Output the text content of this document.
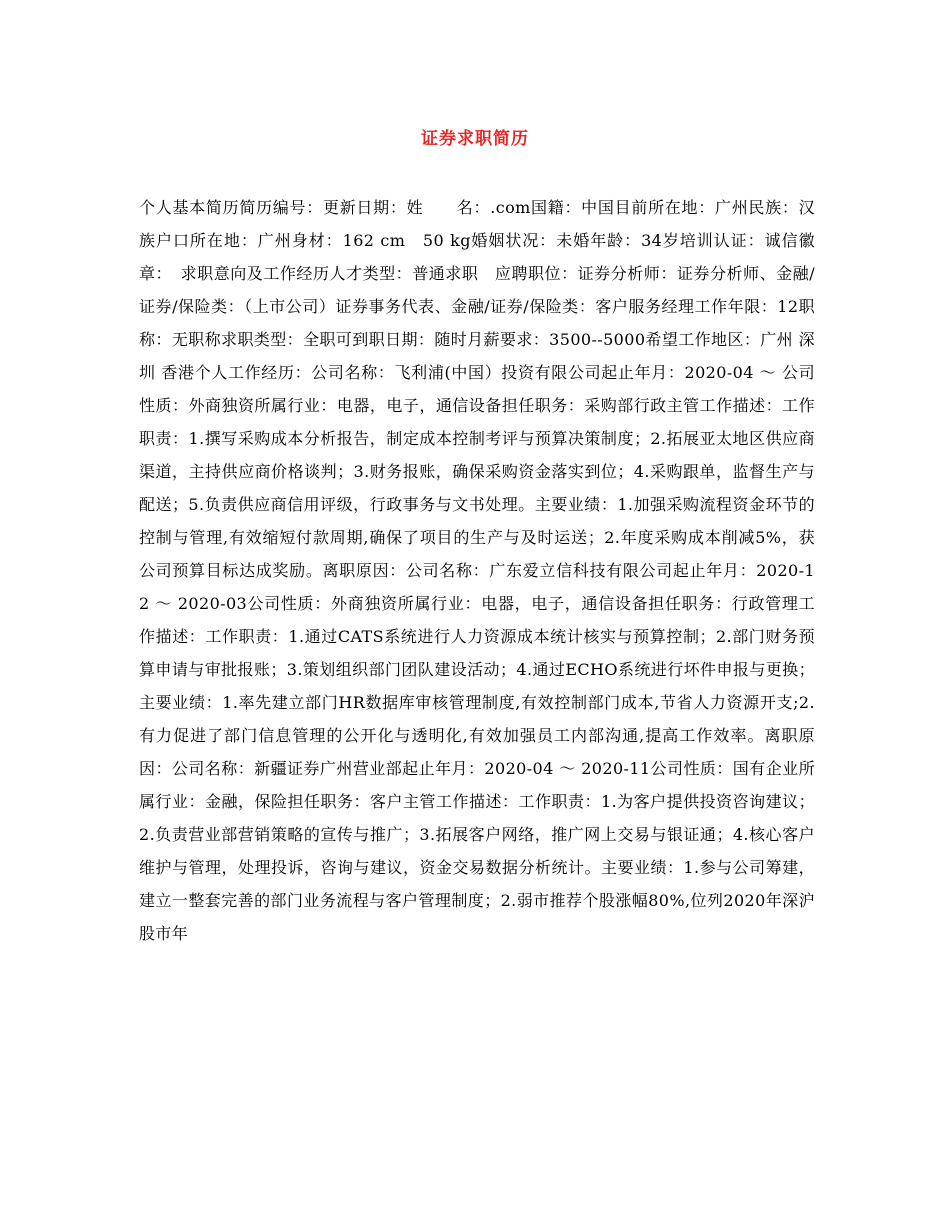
证券求职简历
个人基本简历简历编号：更新日期：姓　　名：.com国籍：中国目前所在地：广州民族：汉族户口所在地：广州身材：162 cm　50 kg婚姻状况：未婚年龄：34岁培训认证：诚信徽章：　求职意向及工作经历人才类型：普通求职　应聘职位：证券分析师：证券分析师、金融/证券/保险类：（上市公司）证券事务代表、金融/证券/保险类：客户服务经理工作年限：12职称：无职称求职类型：全职可到职日期：随时月薪要求：3500--5000希望工作地区：广州 深圳 香港个人工作经历：公司名称：飞利浦(中国）投资有限公司起止年月：2020-04 ～ 公司性质：外商独资所属行业：电器，电子，通信设备担任职务：采购部行政主管工作描述：工作职责：1.撰写采购成本分析报告，制定成本控制考评与预算决策制度；2.拓展亚太地区供应商渠道，主持供应商价格谈判；3.财务报账，确保采购资金落实到位；4.采购跟单，监督生产与配送；5.负责供应商信用评级，行政事务与文书处理。主要业绩：1.加强采购流程资金环节的控制与管理,有效缩短付款周期,确保了项目的生产与及时运送；2.年度采购成本削减5%，获公司预算目标达成奖励。离职原因：公司名称：广东爱立信科技有限公司起止年月：2020-12 ～ 2020-03公司性质：外商独资所属行业：电器，电子，通信设备担任职务：行政管理工作描述：工作职责：1.通过CATS系统进行人力资源成本统计核实与预算控制；2.部门财务预算申请与审批报账；3.策划组织部门团队建设活动；4.通过ECHO系统进行坏件申报与更换；主要业绩：1.率先建立部门HR数据库审核管理制度,有效控制部门成本,节省人力资源开支;2.有力促进了部门信息管理的公开化与透明化,有效加强员工内部沟通,提高工作效率。离职原因：公司名称：新疆证券广州营业部起止年月：2020-04 ～ 2020-11公司性质：国有企业所属行业：金融，保险担任职务：客户主管工作描述：工作职责：1.为客户提供投资咨询建议；2.负责营业部营销策略的宣传与推广；3.拓展客户网络，推广网上交易与银证通；4.核心客户维护与管理，处理投诉，咨询与建议，资金交易数据分析统计。主要业绩：1.参与公司筹建，建立一整套完善的部门业务流程与客户管理制度；2.弱市推荐个股涨幅80%,位列2020年深沪股市年
